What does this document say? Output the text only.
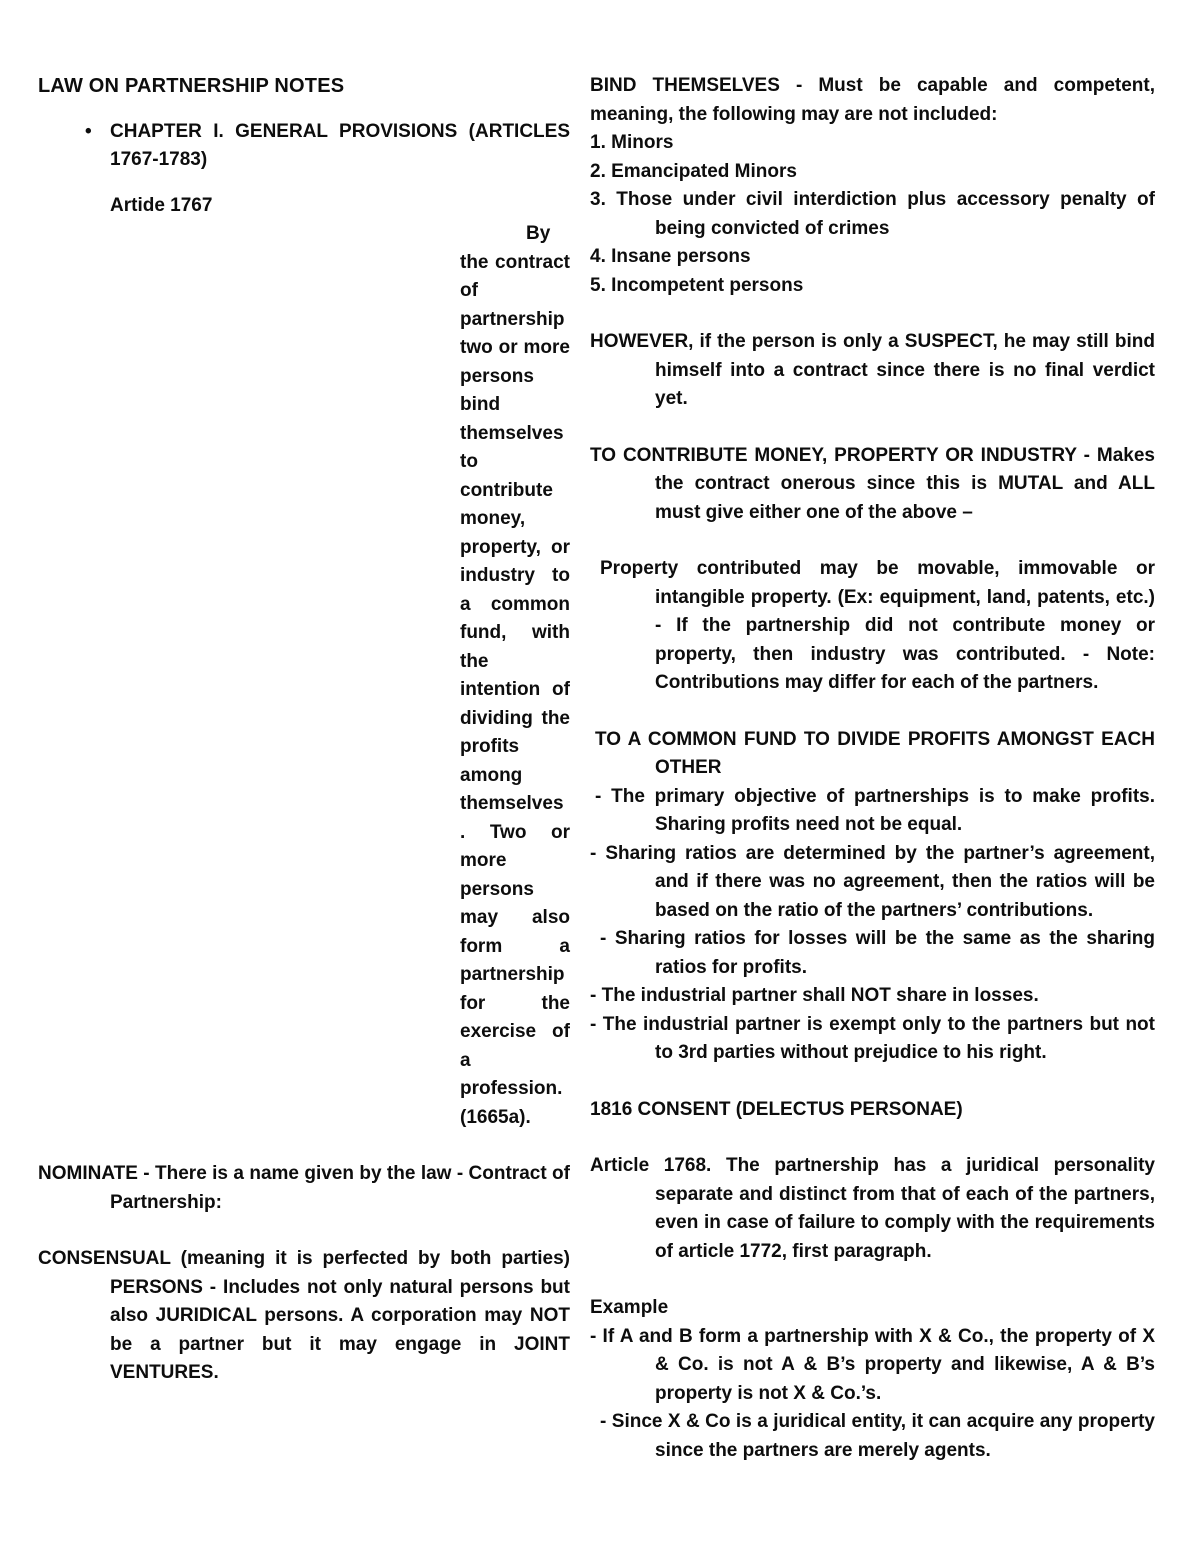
LAW ON PARTNERSHIP NOTES
• CHAPTER I. GENERAL PROVISIONS (ARTICLES 1767-1783)

Artide 1767

By the contract of partnership two or more persons bind themselves to contribute money, property, or industry to a common fund, with the intention of dividing the profits among themselves . Two or more persons may also form a partnership for the exercise of a profession. (1665a).

NOMINATE - There is a name given by the law - Contract of Partnership:

CONSENSUAL (meaning it is perfected by both parties) PERSONS - Includes not only natural persons but also JURIDICAL persons. A corporation may NOT be a partner but it may engage in JOINT VENTURES.

BIND THEMSELVES - Must be capable and competent, meaning, the following may are not included:

1. Minors

2. Emancipated Minors

3. Those under civil interdiction plus accessory penalty of being convicted of crimes

4. Insane persons

5. Incompetent persons

HOWEVER, if the person is only a SUSPECT, he may still bind himself into a contract since there is no final verdict yet.

TO CONTRIBUTE MONEY, PROPERTY OR INDUSTRY - Makes the contract onerous since this is MUTAL and ALL must give either one of the above –

Property contributed may be movable, immovable or intangible property. (Ex: equipment, land, patents, etc.) - If the partnership did not contribute money or property, then industry was contributed. - Note: Contributions may differ for each of the partners.

TO A COMMON FUND TO DIVIDE PROFITS AMONGST EACH OTHER

- The primary objective of partnerships is to make profits. Sharing profits need not be equal.

- Sharing ratios are determined by the partner’s agreement, and if there was no agreement, then the ratios will be based on the ratio of the partners’ contributions.

- Sharing ratios for losses will be the same as the sharing ratios for profits.

- The industrial partner shall NOT share in losses.

- The industrial partner is exempt only to the partners but not to 3rd parties without prejudice to his right.

1816 CONSENT (DELECTUS PERSONAE)

Article 1768. The partnership has a juridical personality separate and distinct from that of each of the partners, even in case of failure to comply with the requirements of article 1772, first paragraph.

Example

- If A and B form a partnership with X & Co., the property of X & Co. is not A & B’s property and likewise, A & B’s property is not X & Co.’s.

- Since X & Co is a juridical entity, it can acquire any property since the partners are merely agents.
